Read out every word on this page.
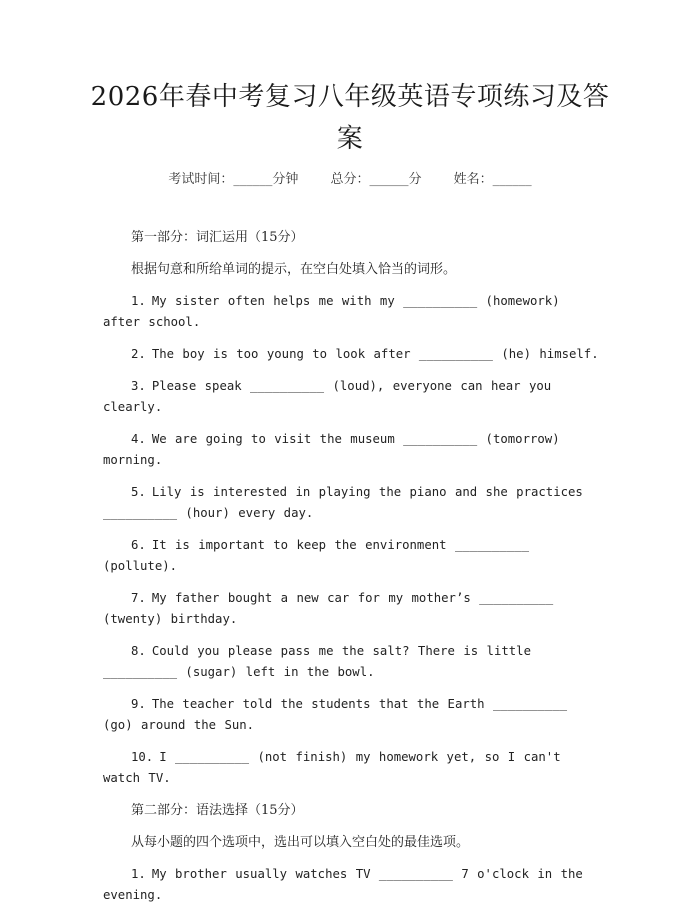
2026年春中考复习八年级英语专项练习及答案
考试时间：______分钟 总分：______分 姓名：______

第一部分：词汇运用（15分）

根据句意和所给单词的提示，在空白处填入恰当的词形。

1. My sister often helps me with my __________ (homework) after school.

2. The boy is too young to look after __________ (he) himself.

3. Please speak __________ (loud), everyone can hear you clearly.

4. We are going to visit the museum __________ (tomorrow) morning.

5. Lily is interested in playing the piano and she practices __________ (hour) every day.

6. It is important to keep the environment __________ (pollute).

7. My father bought a new car for my mother’s __________ (twenty) birthday.

8. Could you please pass me the salt? There is little __________ (sugar) left in the bowl.

9. The teacher told the students that the Earth __________ (go) around the Sun.

10. I __________ (not finish) my homework yet, so I can't watch TV.

第二部分：语法选择（15分）

从每小题的四个选项中，选出可以填入空白处的最佳选项。

1. My brother usually watches TV __________ 7 o'clock in the evening.
